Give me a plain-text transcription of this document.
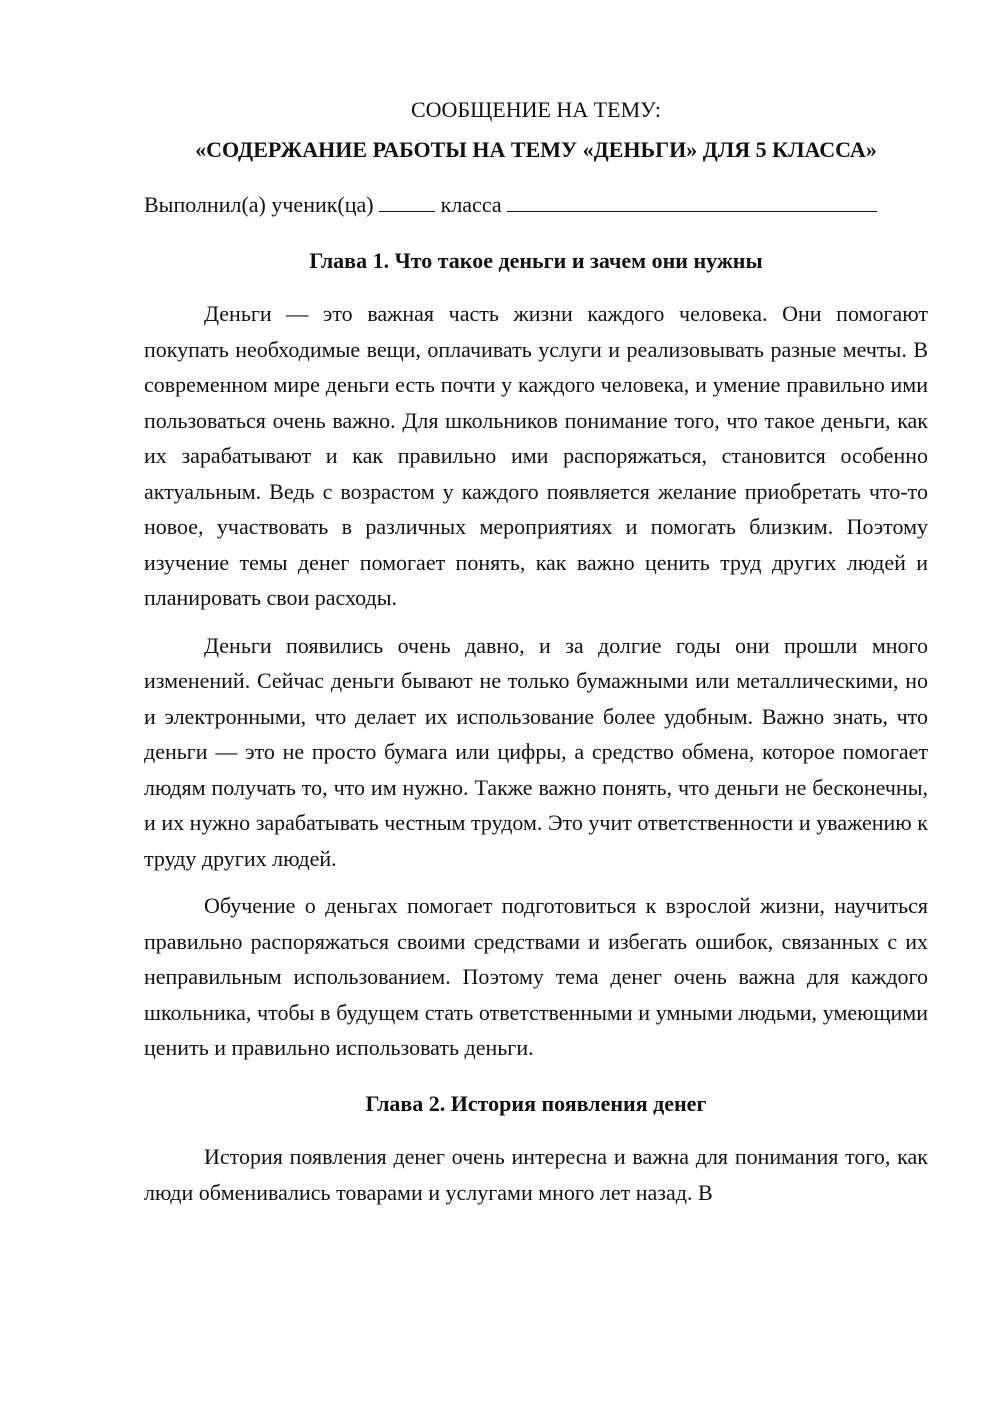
СООБЩЕНИЕ НА ТЕМУ:

«СОДЕРЖАНИЕ РАБОТЫ НА ТЕМУ «ДЕНЬГИ» ДЛЯ 5 КЛАССА»

Выполнил(а) ученик(ца)	класса

Глава 1. Что такое деньги и зачем они нужны

Деньги — это важная часть жизни каждого человека. Они помогают покупать необходимые вещи, оплачивать услуги и реализовывать разные мечты. В современном мире деньги есть почти у каждого человека, и умение правильно ими пользоваться очень важно. Для школьников понимание того, что такое деньги, как их зарабатывают и как правильно ими распоряжаться, становится особенно актуальным. Ведь с возрастом у каждого появляется желание приобретать что-то новое, участвовать в различных мероприятиях и помогать близким. Поэтому изучение темы денег помогает понять, как важно ценить труд других людей и планировать свои расходы.

Деньги появились очень давно, и за долгие годы они прошли много изменений. Сейчас деньги бывают не только бумажными или металлическими, но и электронными, что делает их использование более удобным. Важно знать, что деньги — это не просто бумага или цифры, а средство обмена, которое помогает людям получать то, что им нужно. Также важно понять, что деньги не бесконечны, и их нужно зарабатывать честным трудом. Это учит ответственности и уважению к труду других людей.

Обучение о деньгах помогает подготовиться к взрослой жизни, научиться правильно распоряжаться своими средствами и избегать ошибок, связанных с их неправильным использованием. Поэтому тема денег очень важна для каждого школьника, чтобы в будущем стать ответственными и умными людьми, умеющими ценить и правильно использовать деньги.

Глава 2. История появления денег

История появления денег очень интересна и важна для понимания того, как люди обменивались товарами и услугами много лет назад. В
